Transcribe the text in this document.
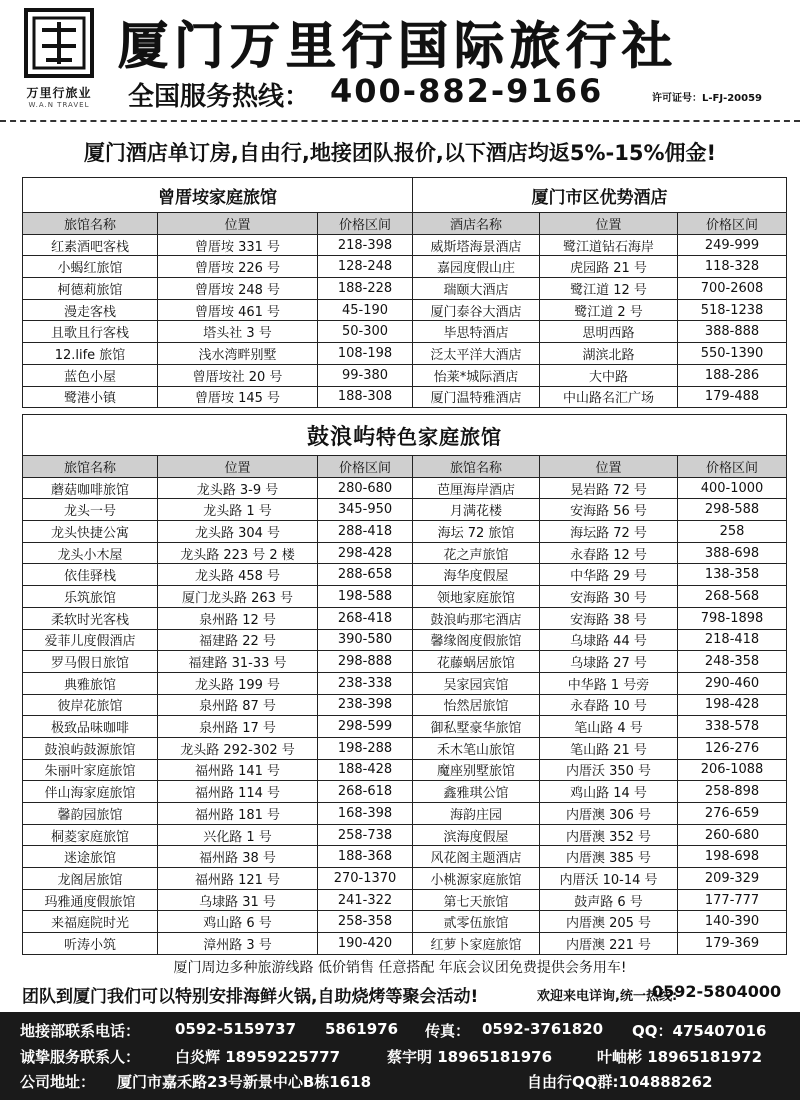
万里行旅业
W.A.N TRAVEL
厦门万里行国际旅行社
全国服务热线： 400-882-9166	许可证号：L-FJ-20059
厦门酒店单订房,自由行,地接团队报价,以下酒店均返5%-15%佣金!
曾厝垵家庭旅馆			厦门市区优势酒店		
旅馆名称	位置	价格区间	酒店名称	位置	价格区间
红素酒吧客栈	曾厝垵 331 号	218-398	威斯塔海景酒店	鹭江道钻石海岸	249-999
小蝎红旅馆	曾厝垵 226 号	128-248	嘉园度假山庄	虎园路 21 号	118-328
柯德莉旅馆	曾厝垵 248 号	188-228	瑞颐大酒店	鹭江道 12 号	700-2608
漫走客栈	曾厝垵 461 号	45-190	厦门泰谷大酒店	鹭江道 2 号	518-1238
且歌且行客栈	塔头社 3 号	50-300	毕思特酒店	思明西路	388-888
12.life 旅馆	浅水湾畔别墅	108-198	泛太平洋大酒店	湖滨北路	550-1390
蓝色小屋	曾厝垵社 20 号	99-380	怡莱*城际酒店	大中路	188-286
鹭港小镇	曾厝垵 145 号	188-308	厦门温特雅酒店	中山路名汇广场	179-488
鼓浪屿特色家庭旅馆					
旅馆名称	位置	价格区间	旅馆名称	位置	价格区间
蘑菇咖啡旅馆	龙头路 3-9 号	280-680	芭厘海岸酒店	晃岩路 72 号	400-1000
龙头一号	龙头路 1 号	345-950	月满花楼	安海路 56 号	298-588
龙头快捷公寓	龙头路 304 号	288-418	海坛 72 旅馆	海坛路 72 号	258
龙头小木屋	龙头路 223 号 2 楼	298-428	花之声旅馆	永春路 12 号	388-698
依佳驿栈	龙头路 458 号	288-658	海华度假屋	中华路 29 号	138-358
乐筑旅馆	厦门龙头路 263 号	198-588	领地家庭旅馆	安海路 30 号	268-568
柔软时光客栈	泉州路 12 号	268-418	鼓浪屿那宅酒店	安海路 38 号	798-1898
爱菲儿度假酒店	福建路 22 号	390-580	馨缘阁度假旅馆	乌埭路 44 号	218-418
罗马假日旅馆	福建路 31-33 号	298-888	花藤蜗居旅馆	乌埭路 27 号	248-358
典雅旅馆	龙头路 199 号	238-338	吴家园宾馆	中华路 1 号旁	290-460
彼岸花旅馆	泉州路 87 号	238-398	怡然居旅馆	永春路 10 号	198-428
极致品味咖啡	泉州路 17 号	298-599	御私墅豪华旅馆	笔山路 4 号	338-578
鼓浪屿鼓源旅馆	龙头路 292-302 号	198-288	禾木笔山旅馆	笔山路 21 号	126-276
朱丽叶家庭旅馆	福州路 141 号	188-428	魔座别墅旅馆	内厝沃 350 号	206-1088
伴山海家庭旅馆	福州路 114 号	268-618	鑫雅琪公馆	鸡山路 14 号	258-898
馨韵园旅馆	福州路 181 号	168-398	海韵庄园	内厝澳 306 号	276-659
桐菱家庭旅馆	兴化路 1 号	258-738	滨海度假屋	内厝澳 352 号	260-680
迷途旅馆	福州路 38 号	188-368	风花阁主题酒店	内厝澳 385 号	198-698
龙阁居旅馆	福州路 121 号	270-1370	小桃源家庭旅馆	内厝沃 10-14 号	209-329
玛雅通度假旅馆	乌埭路 31 号	241-322	第七天旅馆	鼓声路 6 号	177-777
来福庭院时光	鸡山路 6 号	258-358	贰零伍旅馆	内厝澳 205 号	140-390
听涛小筑	漳州路 3 号	190-420	红萝卜家庭旅馆	内厝澳 221 号	179-369
厦门周边多种旅游线路 低价销售 任意搭配 年底会议团免费提供会务用车!
团队到厦门我们可以特别安排海鲜火锅,自助烧烤等聚会活动!	欢迎来电详询,统一热线:
0592-5804000
地接部联系电话： 0592-5159737 5861976 传真： 0592-3761820 QQ：475407016
诚挚服务联系人： 白炎辉 18959225777	蔡宇明 18965181976	叶岫彬 18965181972
公司地址： 厦门市嘉禾路23号新景中心B栋1618	自由行QQ群:104888262
